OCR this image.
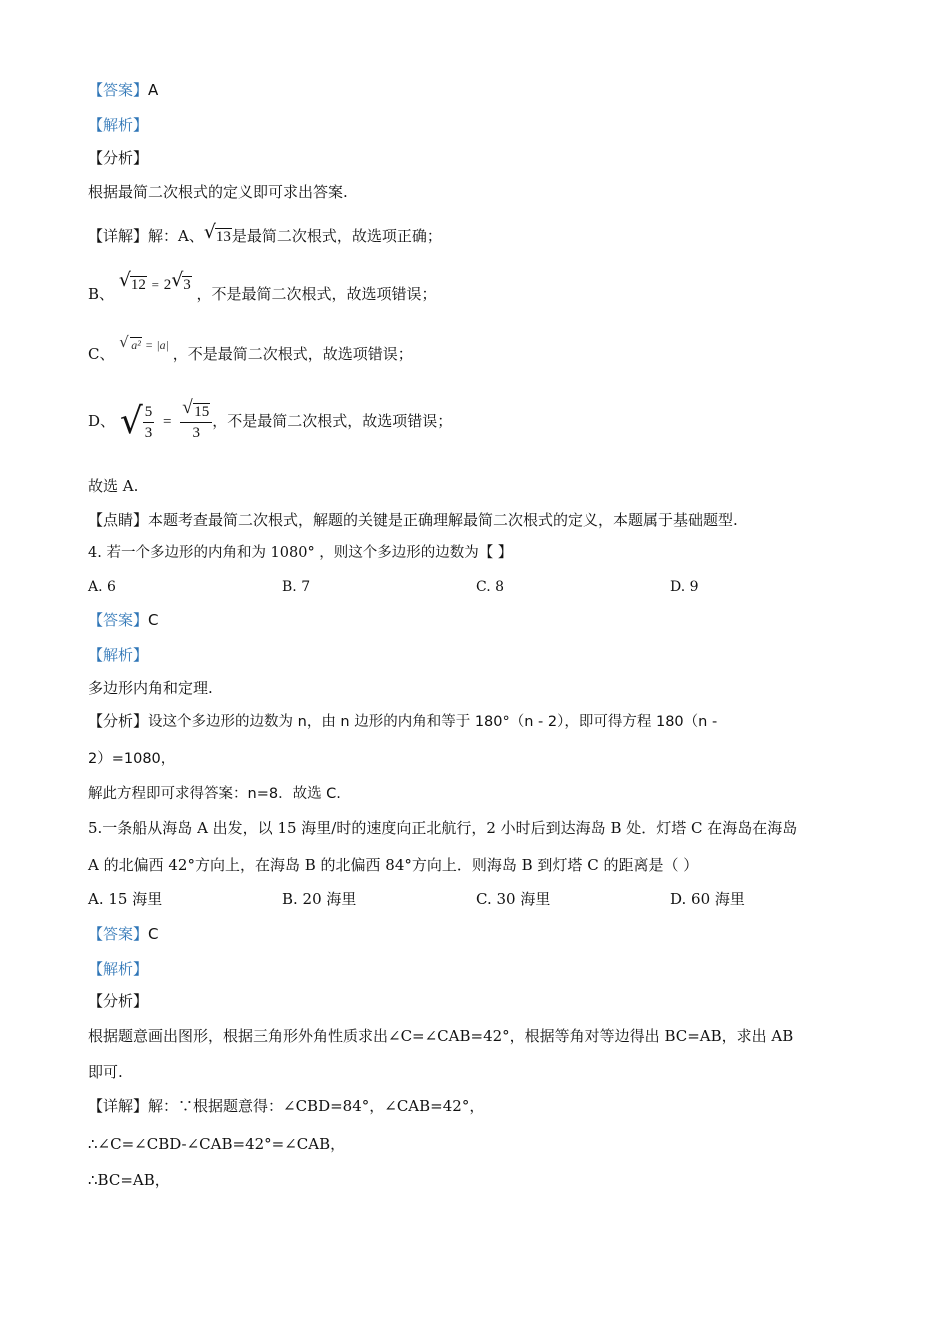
【答案】A
【解析】
【分析】
根据最简二次根式的定义即可求出答案.
【详解】解：A、 √ 13是最简二次根式，故选项正确；
B、
√ 12 = 2 √ 3 ，不是最简二次根式，故选项错误；
C、
$^{√ a^2 = |a|}$ ，不是最简二次根式，故选项错误；
D、 √ $\frac{5}{3} = \frac{√ 15}{3}$ ，不是最简二次根式，故选项错误；
故选 A.
【点睛】本题考查最简二次根式，解题的关键是正确理解最简二次根式的定义，本题属于基础题型.
4. 若一个多边形的内角和为 1080° ，则这个多边形的边数为【 】
A. 6	B. 7	C. 8	D. 9
【答案】C
【解析】
多边形内角和定理.
【分析】设这个多边形的边数为 n，由 n 边形的内角和等于 180°（n - 2），即可得方程 180（n -
2）=1080，
解此方程即可求得答案：n=8．故选 C.
5.一条船从海岛 A 出发，以 15 海里/时的速度向正北航行，2 小时后到达海岛 B 处．灯塔 C 在海岛在海岛
A 的北偏西 42°方向上，在海岛 B 的北偏西 84°方向上．则海岛 B 到灯塔 C 的距离是（ ）
A. 15 海里	B. 20 海里	C. 30 海里	D. 60 海里
【答案】C
【解析】
【分析】
根据题意画出图形，根据三角形外角性质求出∠C=∠CAB=42°，根据等角对等边得出 BC=AB，求出 AB
即可.
【详解】解：∵根据题意得：∠CBD=84°，∠CAB=42°，
∴∠C=∠CBD-∠CAB=42°=∠CAB，
∴BC=AB，
